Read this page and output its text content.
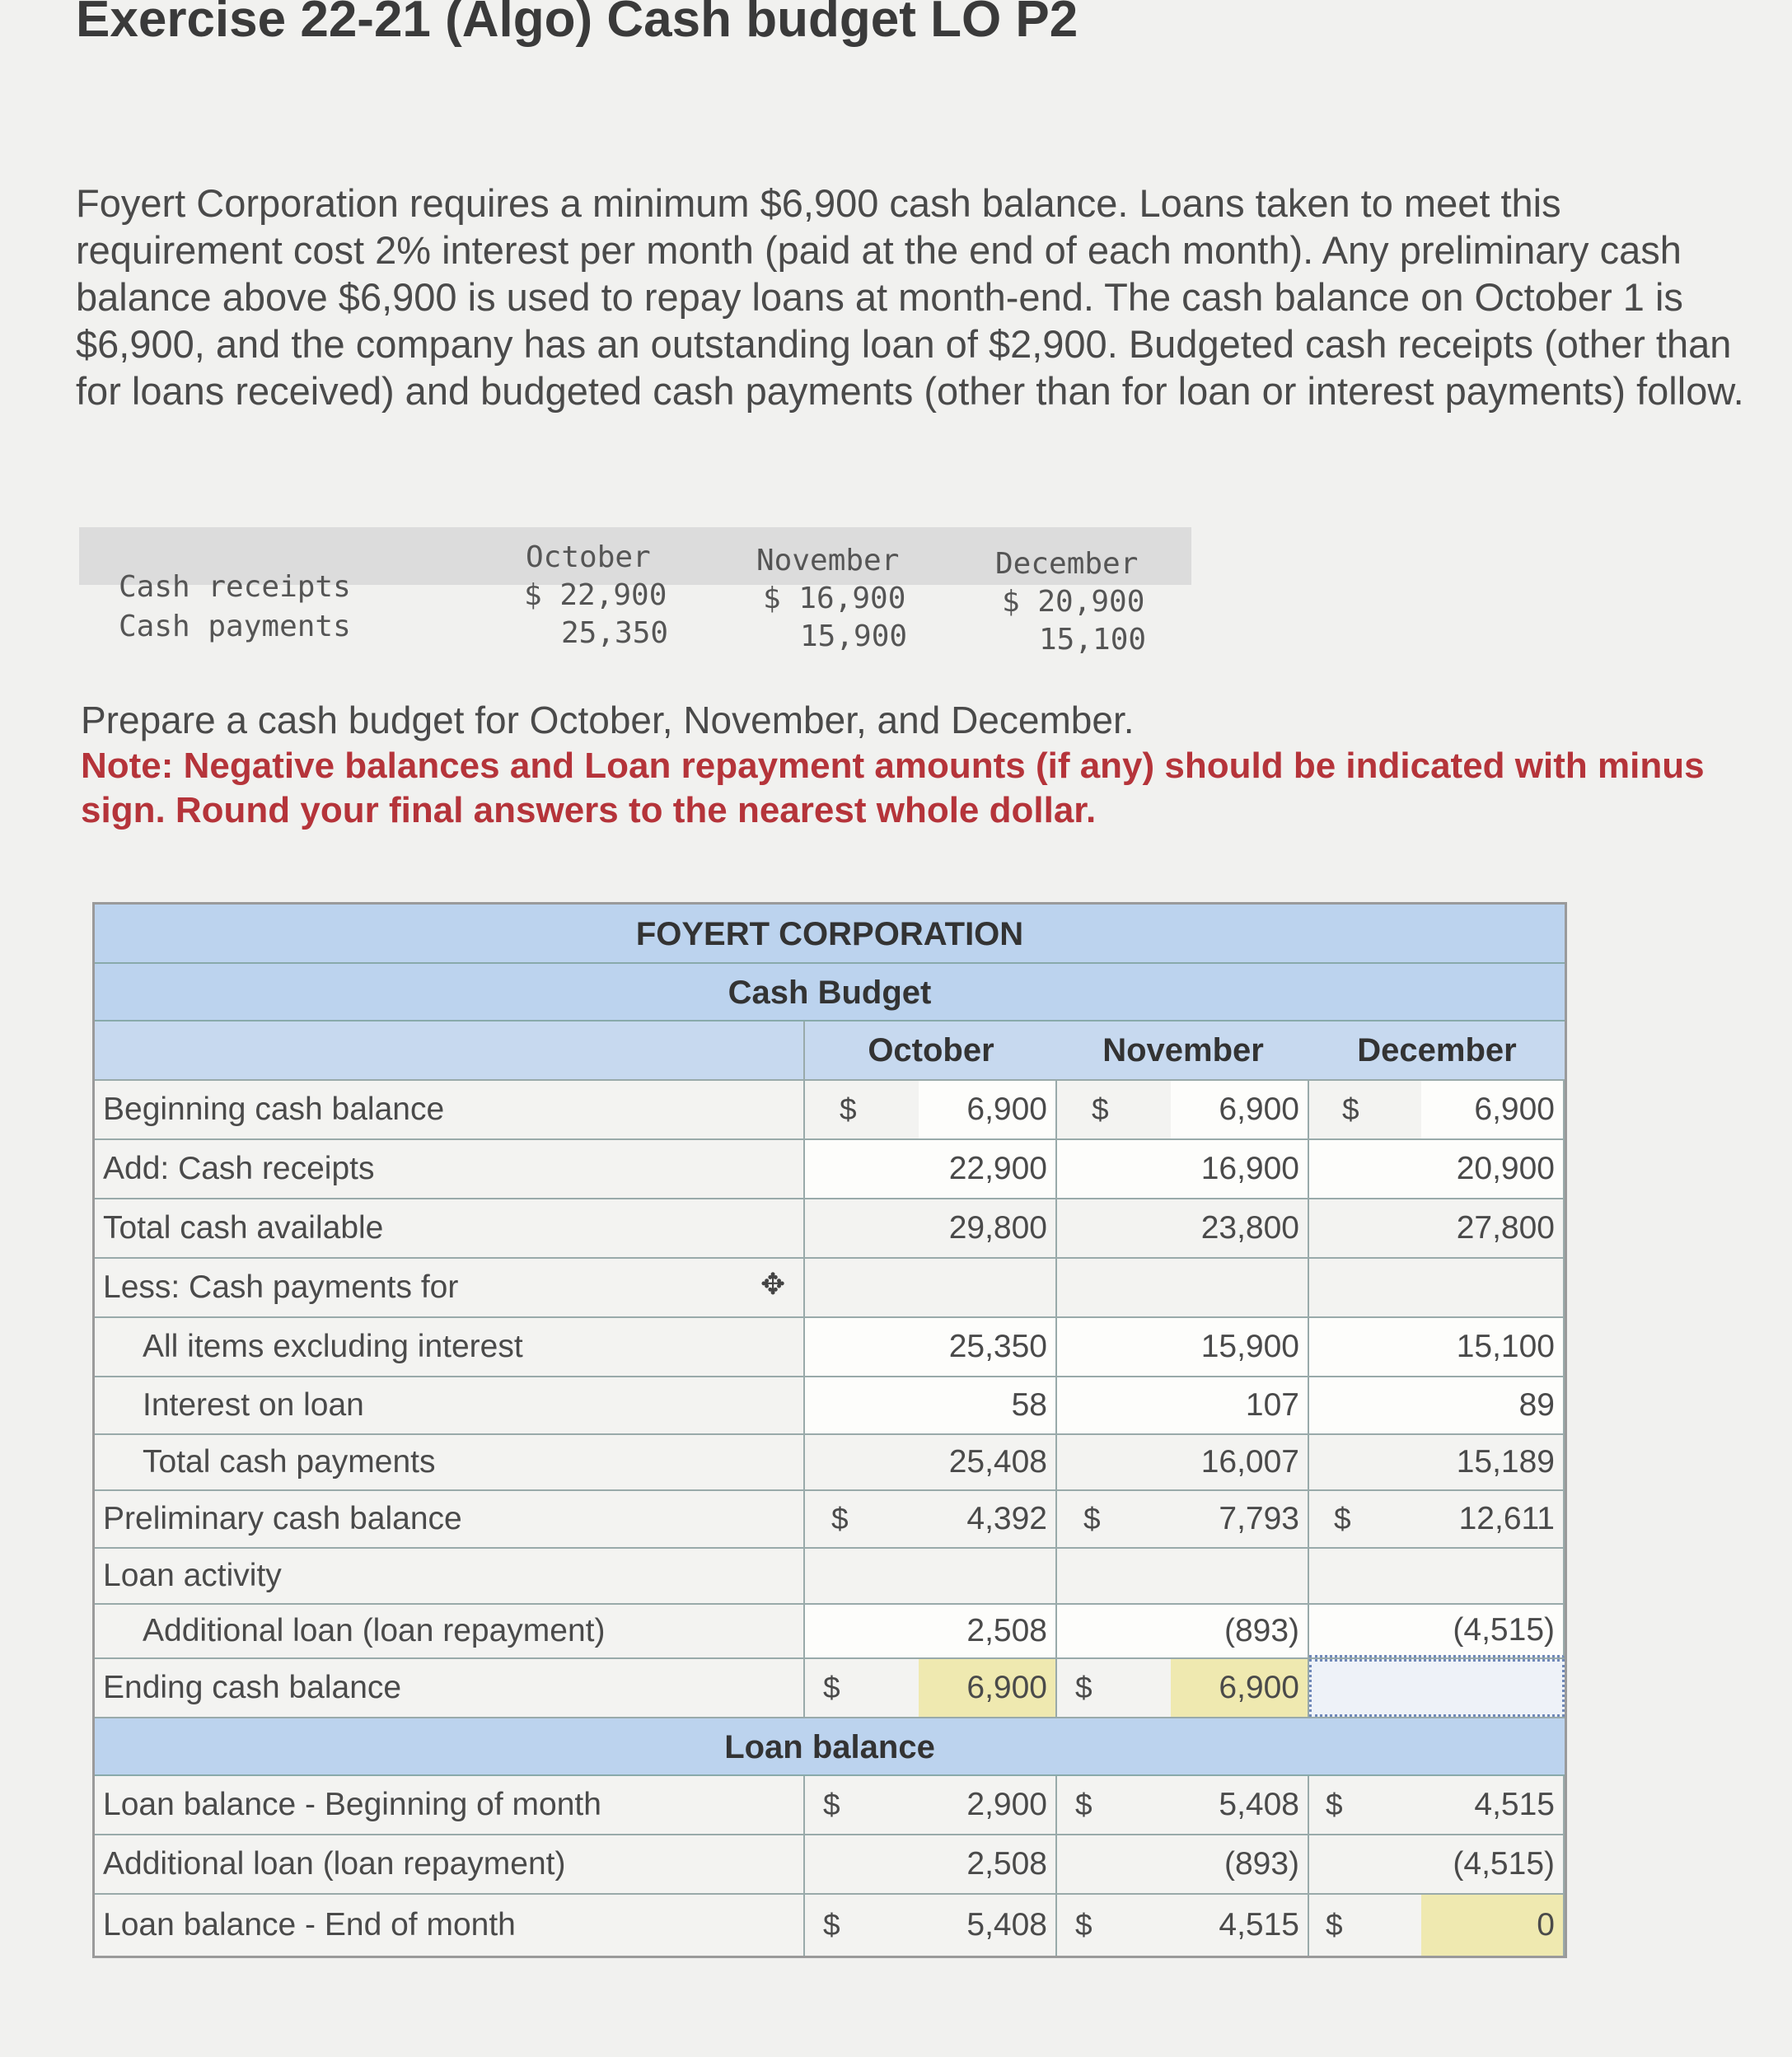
Exercise 22-21 (Algo) Cash budget LO P2

Foyert Corporation requires a minimum $6,900 cash balance. Loans taken to meet this requirement cost 2% interest per month (paid at the end of each month). Any preliminary cash balance above $6,900 is used to repay loans at month-end. The cash balance on October 1 is $6,900, and the company has an outstanding loan of $2,900. Budgeted cash receipts (other than for loans received) and budgeted cash payments (other than for loan or interest payments) follow.

October	November	December
Cash receipts	$ 22,900	$ 16,900	$ 20,900
Cash payments	25,350	15,900	15,100

Prepare a cash budget for October, November, and December.

Note: Negative balances and Loan repayment amounts (if any) should be indicated with minus sign. Round your final answers to the nearest whole dollar.

FOYERT CORPORATION
Cash Budget
October	November	December
Beginning cash balance	$	6,900	$	6,900	$	6,900
Add: Cash receipts	22,900	16,900	20,900
Total cash available	29,800	23,800	27,800
Less: Cash payments for	✥
All items excluding interest	25,350	15,900	15,100
Interest on loan	58	107	89
Total cash payments	25,408	16,007	15,189
Preliminary cash balance	$	4,392	$	7,793	$	12,611
Loan activity
Additional loan (loan repayment)	2,508	(893)	(4,515)
Ending cash balance	$	6,900 $	6,900
Loan balance
Loan balance - Beginning of month	$	2,900 $	5,408 $	4,515
Additional loan (loan repayment)	2,508	(893)	(4,515)
Loan balance - End of month	$	5,408 $	4,515 $	0
